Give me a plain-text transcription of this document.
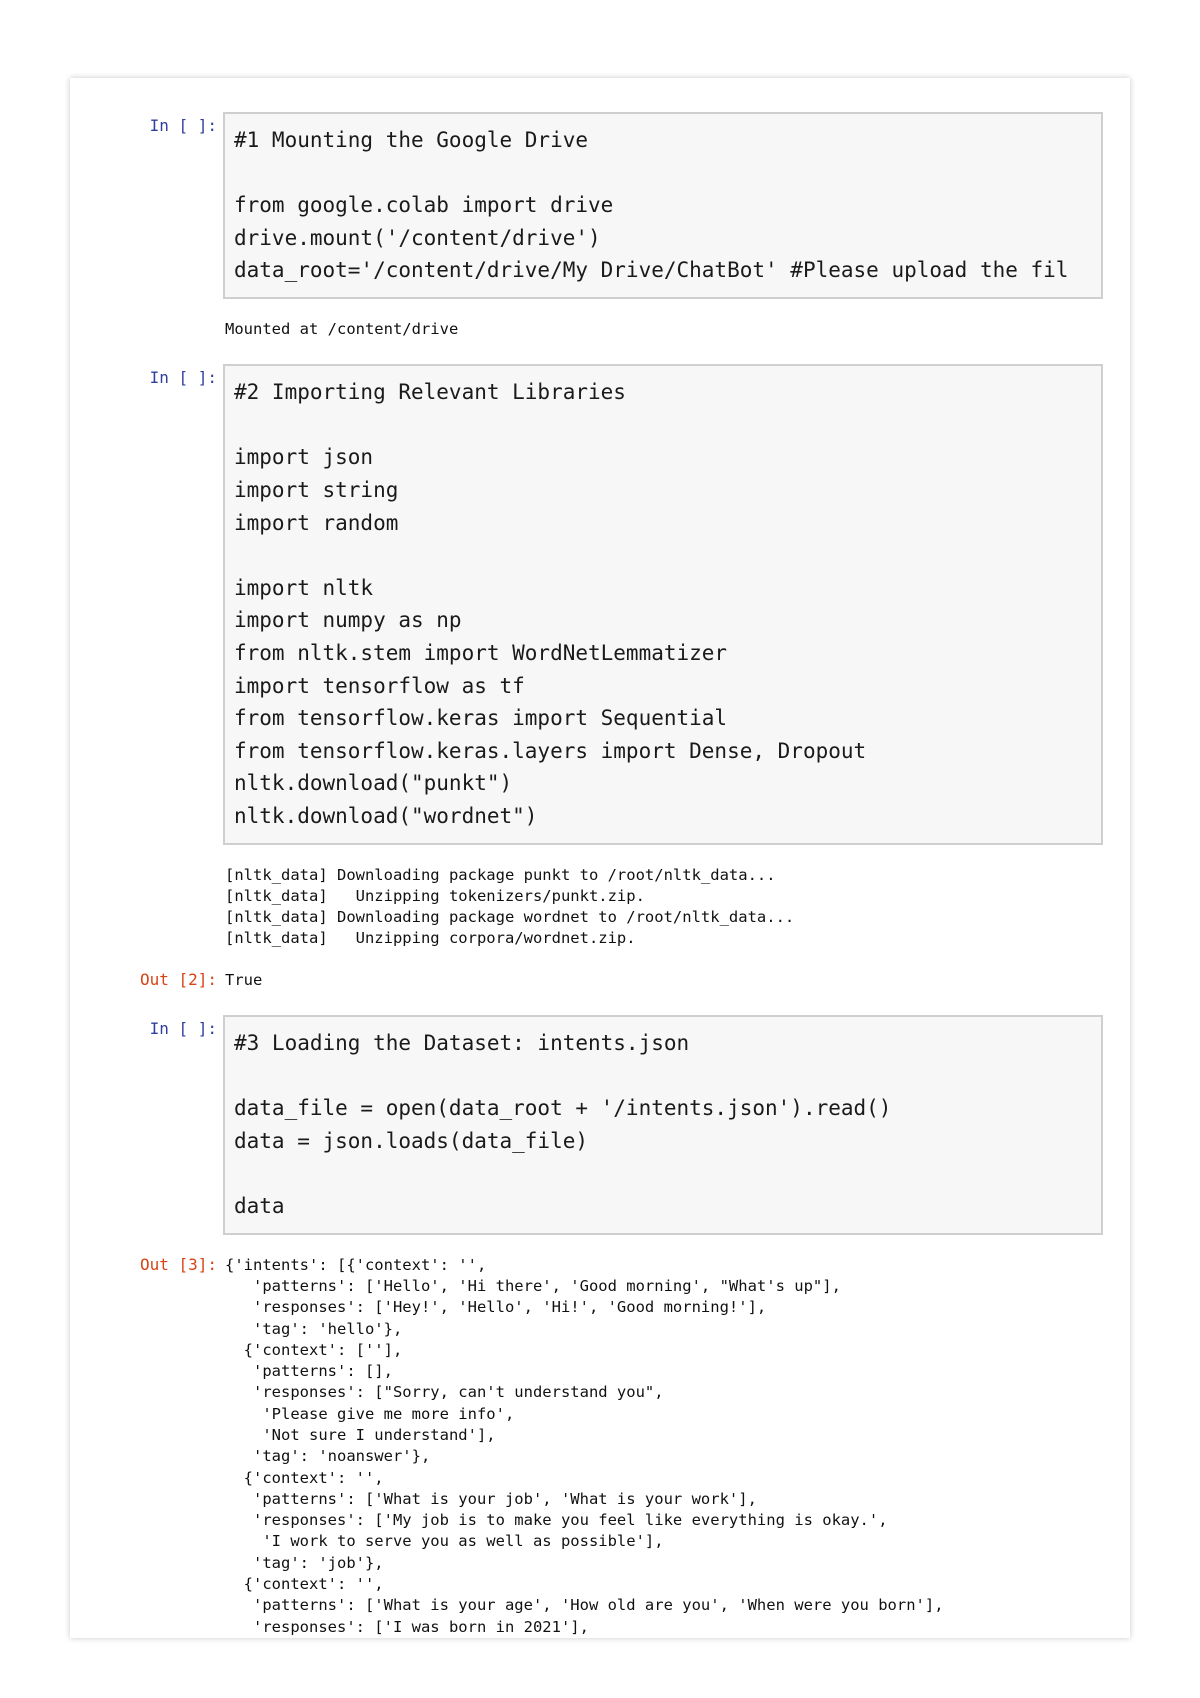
In [ ]:
#1 Mounting the Google Drive
from google.colab import drive
drive.mount('/content/drive')
data_root='/content/drive/My Drive/ChatBot' #Please upload the fil
Mounted at /content/drive
In [ ]:
#2 Importing Relevant Libraries
import json
import string
import random
import nltk
import numpy as np
from nltk.stem import WordNetLemmatizer
import tensorflow as tf
from tensorflow.keras import Sequential
from tensorflow.keras.layers import Dense, Dropout
nltk.download("punkt")
nltk.download("wordnet")
[nltk_data] Downloading package punkt to /root/nltk_data...
[nltk_data]   Unzipping tokenizers/punkt.zip.
[nltk_data] Downloading package wordnet to /root/nltk_data...
[nltk_data]   Unzipping corpora/wordnet.zip.
Out [2]: True
In [ ]:
#3 Loading the Dataset: intents.json
data_file = open(data_root + '/intents.json').read()
data = json.loads(data_file)
data
Out [3]: {'intents': [{'context': '',
'patterns': ['Hello', 'Hi there', 'Good morning', "What's up"],
'responses': ['Hey!', 'Hello', 'Hi!', 'Good morning!'],
'tag': 'hello'},
{'context': [''],
'patterns': [],
'responses': ["Sorry, can't understand you",
'Please give me more info',
'Not sure I understand'],
'tag': 'noanswer'},
{'context': '',
'patterns': ['What is your job', 'What is your work'],
'responses': ['My job is to make you feel like everything is okay.',
'I work to serve you as well as possible'],
'tag': 'job'},
{'context': '',
'patterns': ['What is your age', 'How old are you', 'When were you born'],
'responses': ['I was born in 2021'],
